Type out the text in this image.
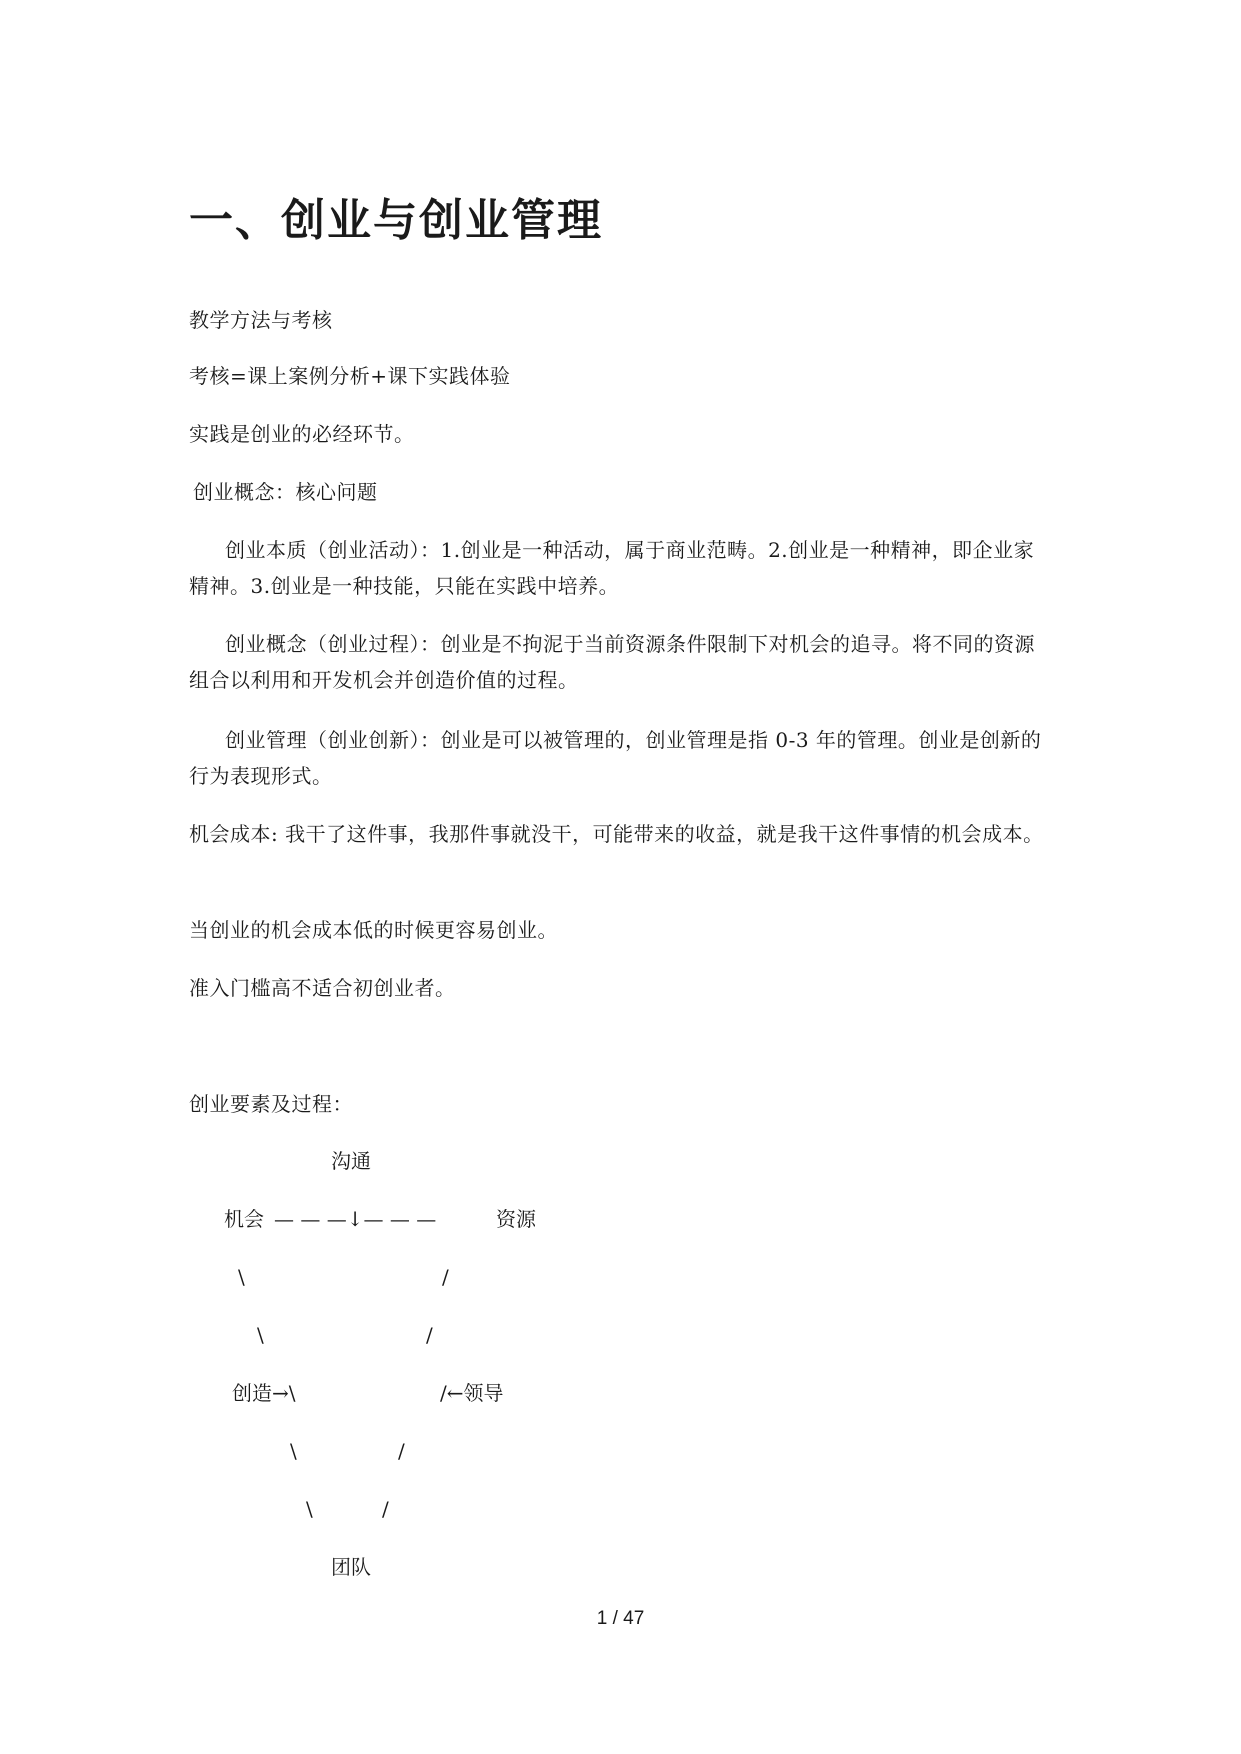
一、创业与创业管理

教学方法与考核

考核=课上案例分析+课下实践体验

实践是创业的必经环节。

创业概念：核心问题

创业本质（创业活动）：1.创业是一种活动，属于商业范畴。2.创业是一种精神，即企业家精神。3.创业是一种技能，只能在实践中培养。

创业概念（创业过程）：创业是不拘泥于当前资源条件限制下对机会的追寻。将不同的资源组合以利用和开发机会并创造价值的过程。

创业管理（创业创新）：创业是可以被管理的，创业管理是指 0-3 年的管理。创业是创新的行为表现形式。

机会成本: 我干了这件事，我那件事就没干，可能带来的收益，就是我干这件事情的机会成本。

当创业的机会成本低的时候更容易创业。

准入门槛高不适合初创业者。

创业要素及过程：

沟通
机会 — — —↓— — —	资源
\	/
\	/
创造→\	/←领导
\	/
\	/
团队
1 / 47
